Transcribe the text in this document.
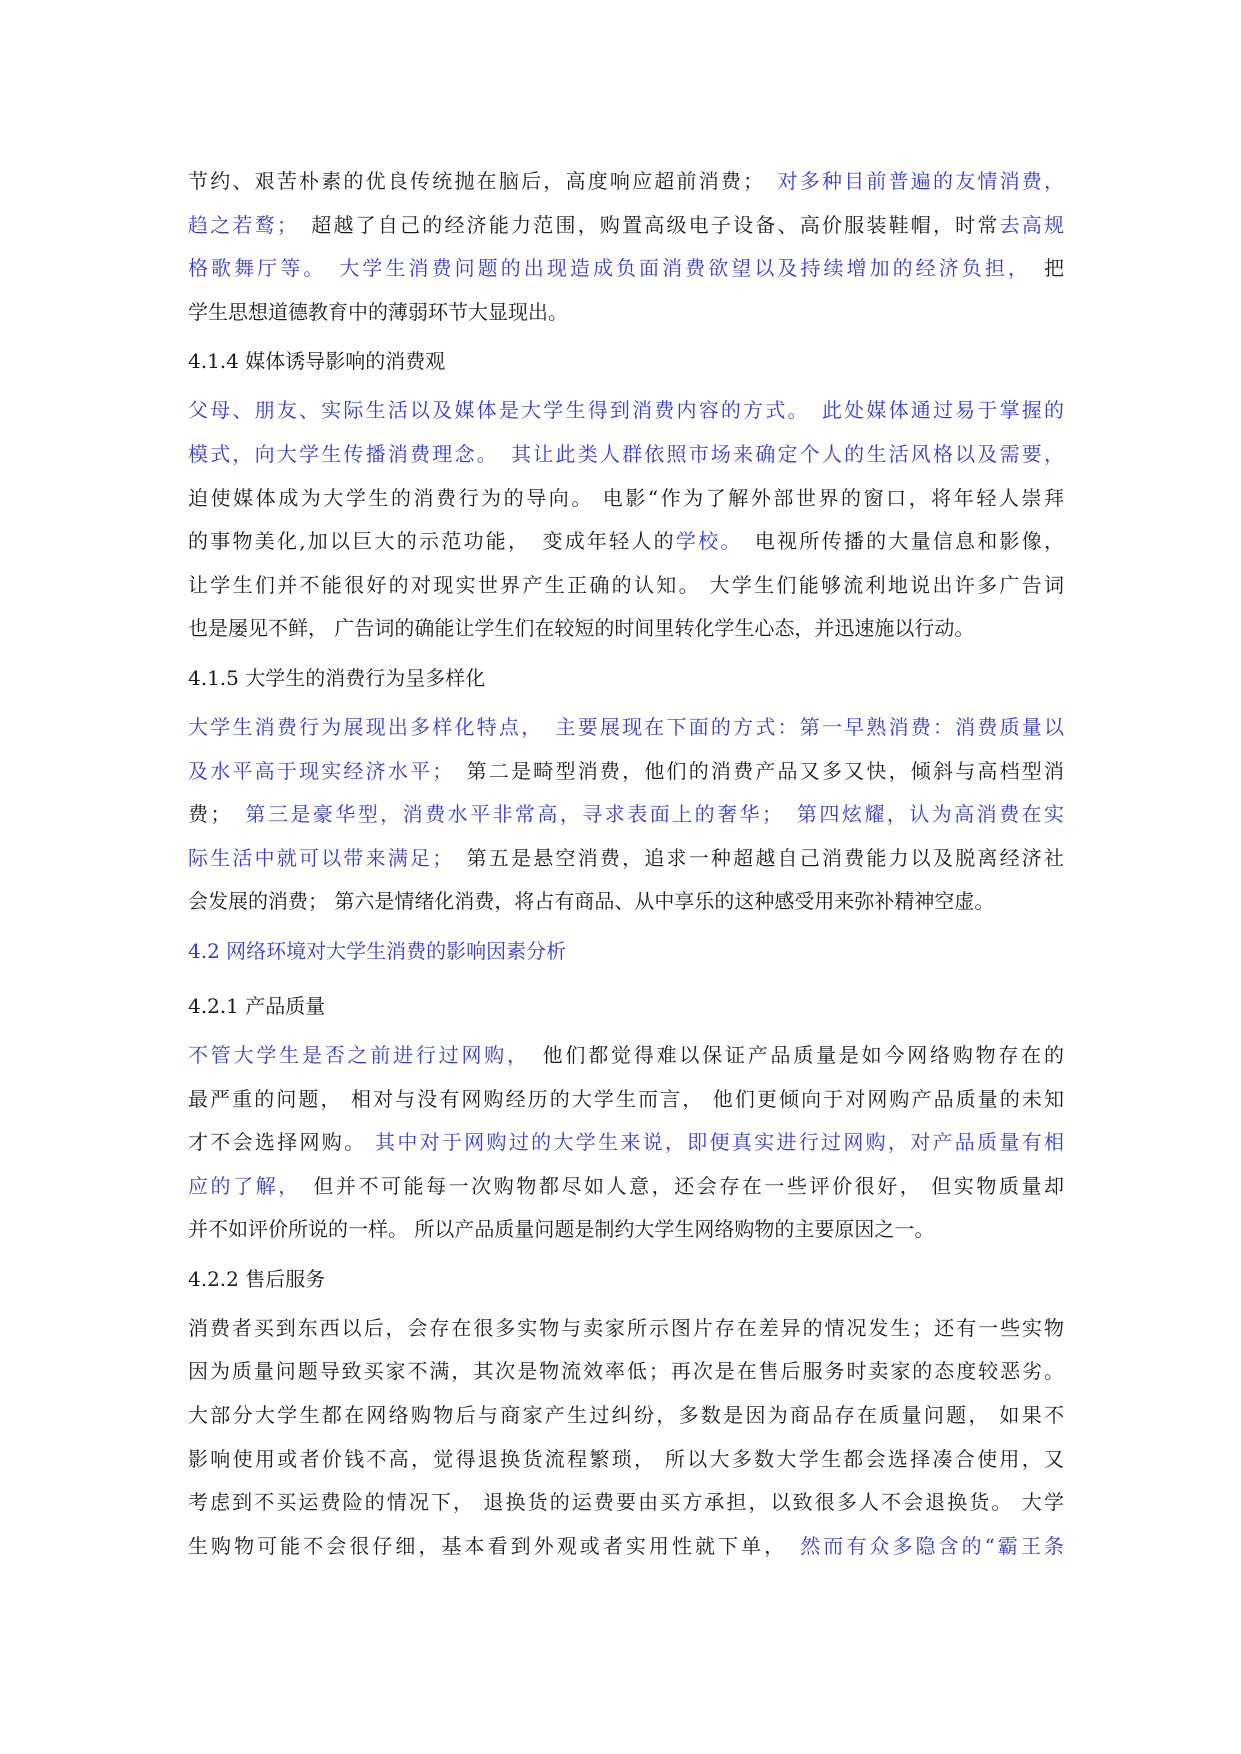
节约、艰苦朴素的优良传统抛在脑后，高度响应超前消费；　对多种目前普遍的友情消费，
趋之若鹜；　超越了自己的经济能力范围，购置高级电子设备、高价服装鞋帽，时常去高规
格歌舞厅等。　大学生消费问题的出现造成负面消费欲望以及持续增加的经济负担，　把
学生思想道德教育中的薄弱环节大显现出。
4.1.4 媒体诱导影响的消费观
父母、朋友、实际生活以及媒体是大学生得到消费内容的方式。　此处媒体通过易于掌握的
模式，向大学生传播消费理念。　其让此类人群依照市场来确定个人的生活风格以及需要，
迫使媒体成为大学生的消费行为的导向。 电影“作为了解外部世界的窗口，将年轻人崇拜
的事物美化,加以巨大的示范功能，　变成年轻人的学校。　电视所传播的大量信息和影像，
让学生们并不能很好的对现实世界产生正确的认知。 大学生们能够流利地说出许多广告词
也是屡见不鲜， 广告词的确能让学生们在较短的时间里转化学生心态，并迅速施以行动。
4.1.5 大学生的消费行为呈多样化
大学生消费行为展现出多样化特点，　主要展现在下面的方式：第一早熟消费：消费质量以
及水平高于现实经济水平；　第二是畸型消费，他们的消费产品又多又快，倾斜与高档型消
费；　第三是豪华型，消费水平非常高，寻求表面上的奢华；　第四炫耀，认为高消费在实
际生活中就可以带来满足；　第五是悬空消费，追求一种超越自己消费能力以及脱离经济社
会发展的消费； 第六是情绪化消费，将占有商品、从中享乐的这种感受用来弥补精神空虚。
4.2 网络环境对大学生消费的影响因素分析
4.2.1 产品质量
不管大学生是否之前进行过网购，　他们都觉得难以保证产品质量是如今网络购物存在的
最严重的问题， 相对与没有网购经历的大学生而言， 他们更倾向于对网购产品质量的未知
才不会选择网购。 其中对于网购过的大学生来说，即便真实进行过网购，对产品质量有相
应的了解，　但并不可能每一次购物都尽如人意，还会存在一些评价很好， 但实物质量却
并不如评价所说的一样。 所以产品质量问题是制约大学生网络购物的主要原因之一。
4.2.2 售后服务
消费者买到东西以后，会存在很多实物与卖家所示图片存在差异的情况发生；还有一些实物
因为质量问题导致买家不满，其次是物流效率低；再次是在售后服务时卖家的态度较恶劣。
大部分大学生都在网络购物后与商家产生过纠纷，多数是因为商品存在质量问题， 如果不
影响使用或者价钱不高，觉得退换货流程繁琐， 所以大多数大学生都会选择凑合使用，又
考虑到不买运费险的情况下， 退换货的运费要由买方承担，以致很多人不会退换货。 大学
生购物可能不会很仔细，基本看到外观或者实用性就下单，　然而有众多隐含的“霸王条
